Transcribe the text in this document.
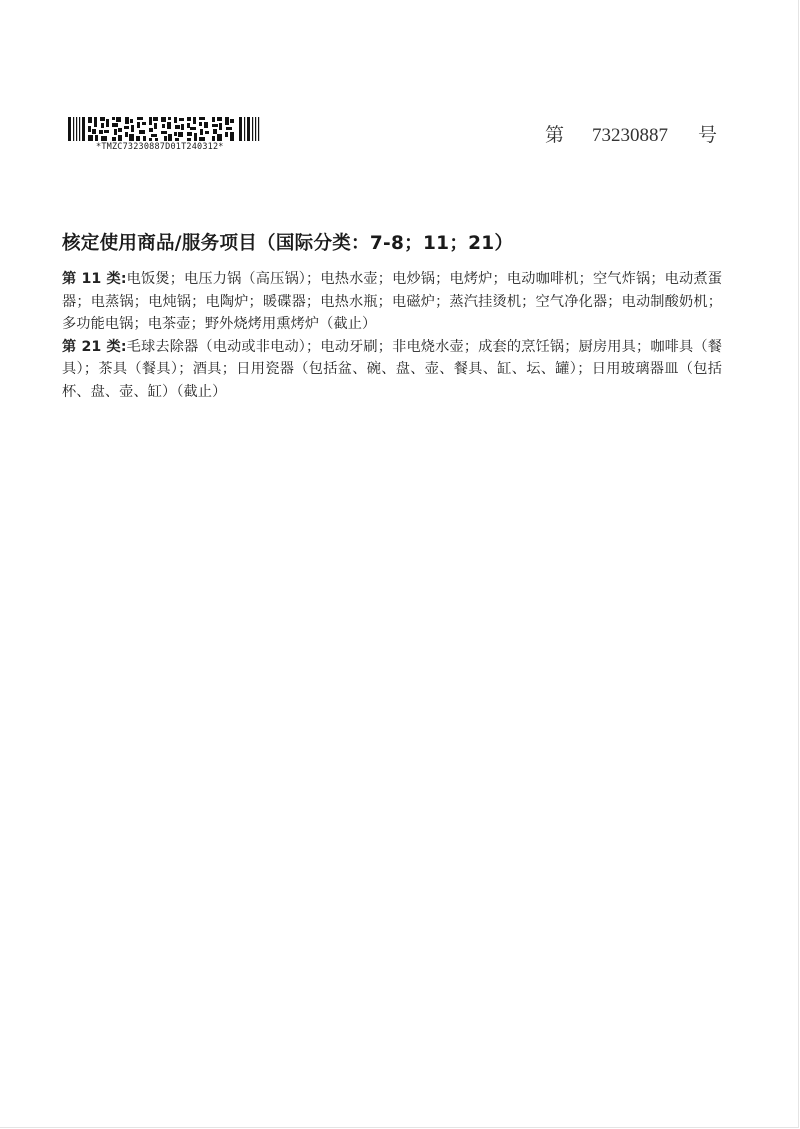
*TMZC73230887D01T240312*
第 73230887 号
核定使用商品/服务项目（国际分类：7-8；11；21）

第 11 类:电饭煲；电压力锅（高压锅）；电热水壶；电炒锅；电烤炉；电动咖啡机；空气炸锅；电动煮蛋器；电蒸锅；电炖锅；电陶炉；暖碟器；电热水瓶；电磁炉；蒸汽挂烫机；空气净化器；电动制酸奶机；多功能电锅；电茶壶；野外烧烤用熏烤炉（截止）

第 21 类:毛球去除器（电动或非电动）；电动牙刷；非电烧水壶；成套的烹饪锅；厨房用具；咖啡具（餐具）；茶具（餐具）；酒具；日用瓷器（包括盆、碗、盘、壶、餐具、缸、坛、罐）；日用玻璃器皿（包括杯、盘、壶、缸）（截止）
